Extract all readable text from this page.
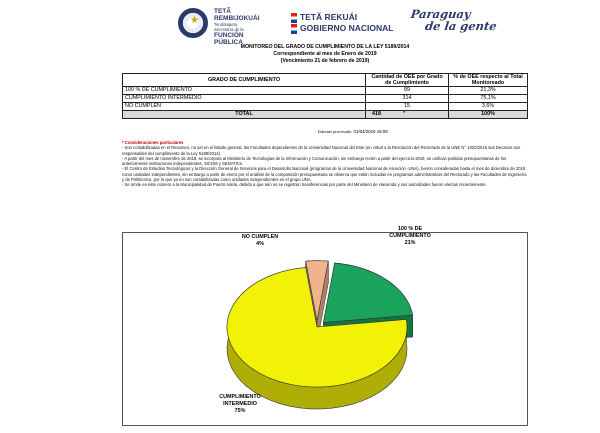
★
TETÃ REMBIJOKUÁI
Tendotapeta
Secretaría de la
FUNCIÓN
PÚBLICA
TETÃ REKUÁI
GOBIERNO NACIONAL
Paraguay
de la gente
MONITOREO DEL GRADO DE CUMPLIMIENTO DE LA LEY 5189/2014
Correspondiente al mes de Enero de 2019
(Vencimiento 21 de febrero de 2019)
GRADO DE CUMPLIMIENTO	Cantidad de OEE por Grado de Cumplimiento	% de OEE respecto al Total Monitoreado
100 % DE CUMPLIMIENTO	89	21,3%
CUMPLIMIENTO INTERMEDIO	314	75,1%
NO CUMPLEN	15	3,6%
TOTAL	418 *	100%
Informe procesado: 01/04/2019 16:08

* Consideraciones particulares

- Son contabilizadas en el Resumen, no así en el listado general, las Facultades dependientes de la Universidad Nacional del Este (en virtud a la Resolución del Rectorado de la UNE N° 1020/2016 sus Decanos son responsables del cumplimiento de la Ley 5189/2014).

- A partir del mes de noviembre de 2018, se incorpora al Ministerio de Tecnologías de la Información y Comunicación, sin embargo recién a partir del ejercicio 2019, se unifican partidas presupuestarias de los anteriormente instituciones independientes, SICOM y SENATICs.

- El Centro de Estudios Tecnológicos y la Dirección General de Servicios para el Desarrollo Nacional (programas de la Universidad Nacional de Asunción -UNA), fueron consideradas hasta el mes de diciembre de 2018 como unidades independientes, sin embargo a partir de enero por el análisis de la composición presupuestaria se observa que están incluidas en programas administrativos del Rectorado y las Facultades de Ingeniería y de Politécnica, por lo que ya no son contabilizadas como unidades independientes en el grupo UNA.

- Se omite en éste número a la Municipalidad de Puerto Adela, debido a que aún no se registran transferencias por parte del Ministerio de Hacienda y sus autoridades fueron electas recientemente.

NO CUMPLEN
4%
100 % DE CUMPLIMIENTO
21%
CUMPLIMIENTO INTERMEDIO
75%
